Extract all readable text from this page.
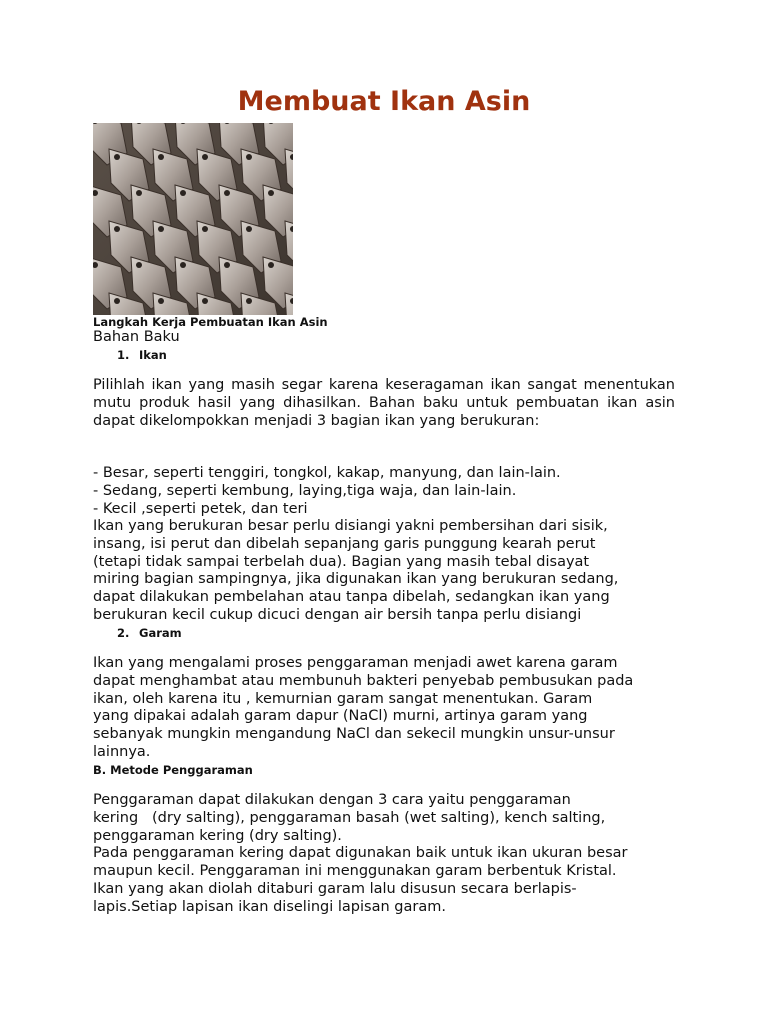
Membuat Ikan Asin

Langkah Kerja Pembuatan Ikan Asin

Bahan Baku

1. Ikan

Pilihlah ikan yang masih segar karena keseragaman ikan sangat menentukan mutu produk hasil yang dihasilkan. Bahan baku untuk pembuatan ikan asin dapat dikelompokkan menjadi 3 bagian ikan yang berukuran:

- Besar, seperti tenggiri, tongkol, kakap, manyung, dan lain-lain.
- Sedang, seperti kembung, laying,tiga waja, dan lain-lain.
- Kecil ,seperti petek, dan teri
Ikan yang berukuran besar perlu disiangi yakni pembersihan dari sisik,
insang, isi perut dan dibelah sepanjang garis punggung kearah perut
(tetapi tidak sampai terbelah dua). Bagian yang masih tebal disayat
miring bagian sampingnya, jika digunakan ikan yang berukuran sedang,
dapat dilakukan pembelahan atau tanpa dibelah, sedangkan ikan yang
berukuran kecil cukup dicuci dengan air bersih tanpa perlu disiangi

2. Garam

Ikan yang mengalami proses penggaraman menjadi awet karena garam
dapat menghambat atau membunuh bakteri penyebab pembusukan pada
ikan, oleh karena itu , kemurnian garam sangat menentukan. Garam
yang dipakai adalah garam dapur (NaCl) murni, artinya garam yang
sebanyak mungkin mengandung NaCl dan sekecil mungkin unsur-unsur
lainnya.

B. Metode Penggaraman

Penggaraman dapat dilakukan dengan 3 cara yaitu penggaraman
kering   (dry salting), penggaraman basah (wet salting), kench salting,
penggaraman kering (dry salting).
Pada penggaraman kering dapat digunakan baik untuk ikan ukuran besar
maupun kecil. Penggaraman ini menggunakan garam berbentuk Kristal.
Ikan yang akan diolah ditaburi garam lalu disusun secara berlapis-
lapis.Setiap lapisan ikan diselingi lapisan garam.
